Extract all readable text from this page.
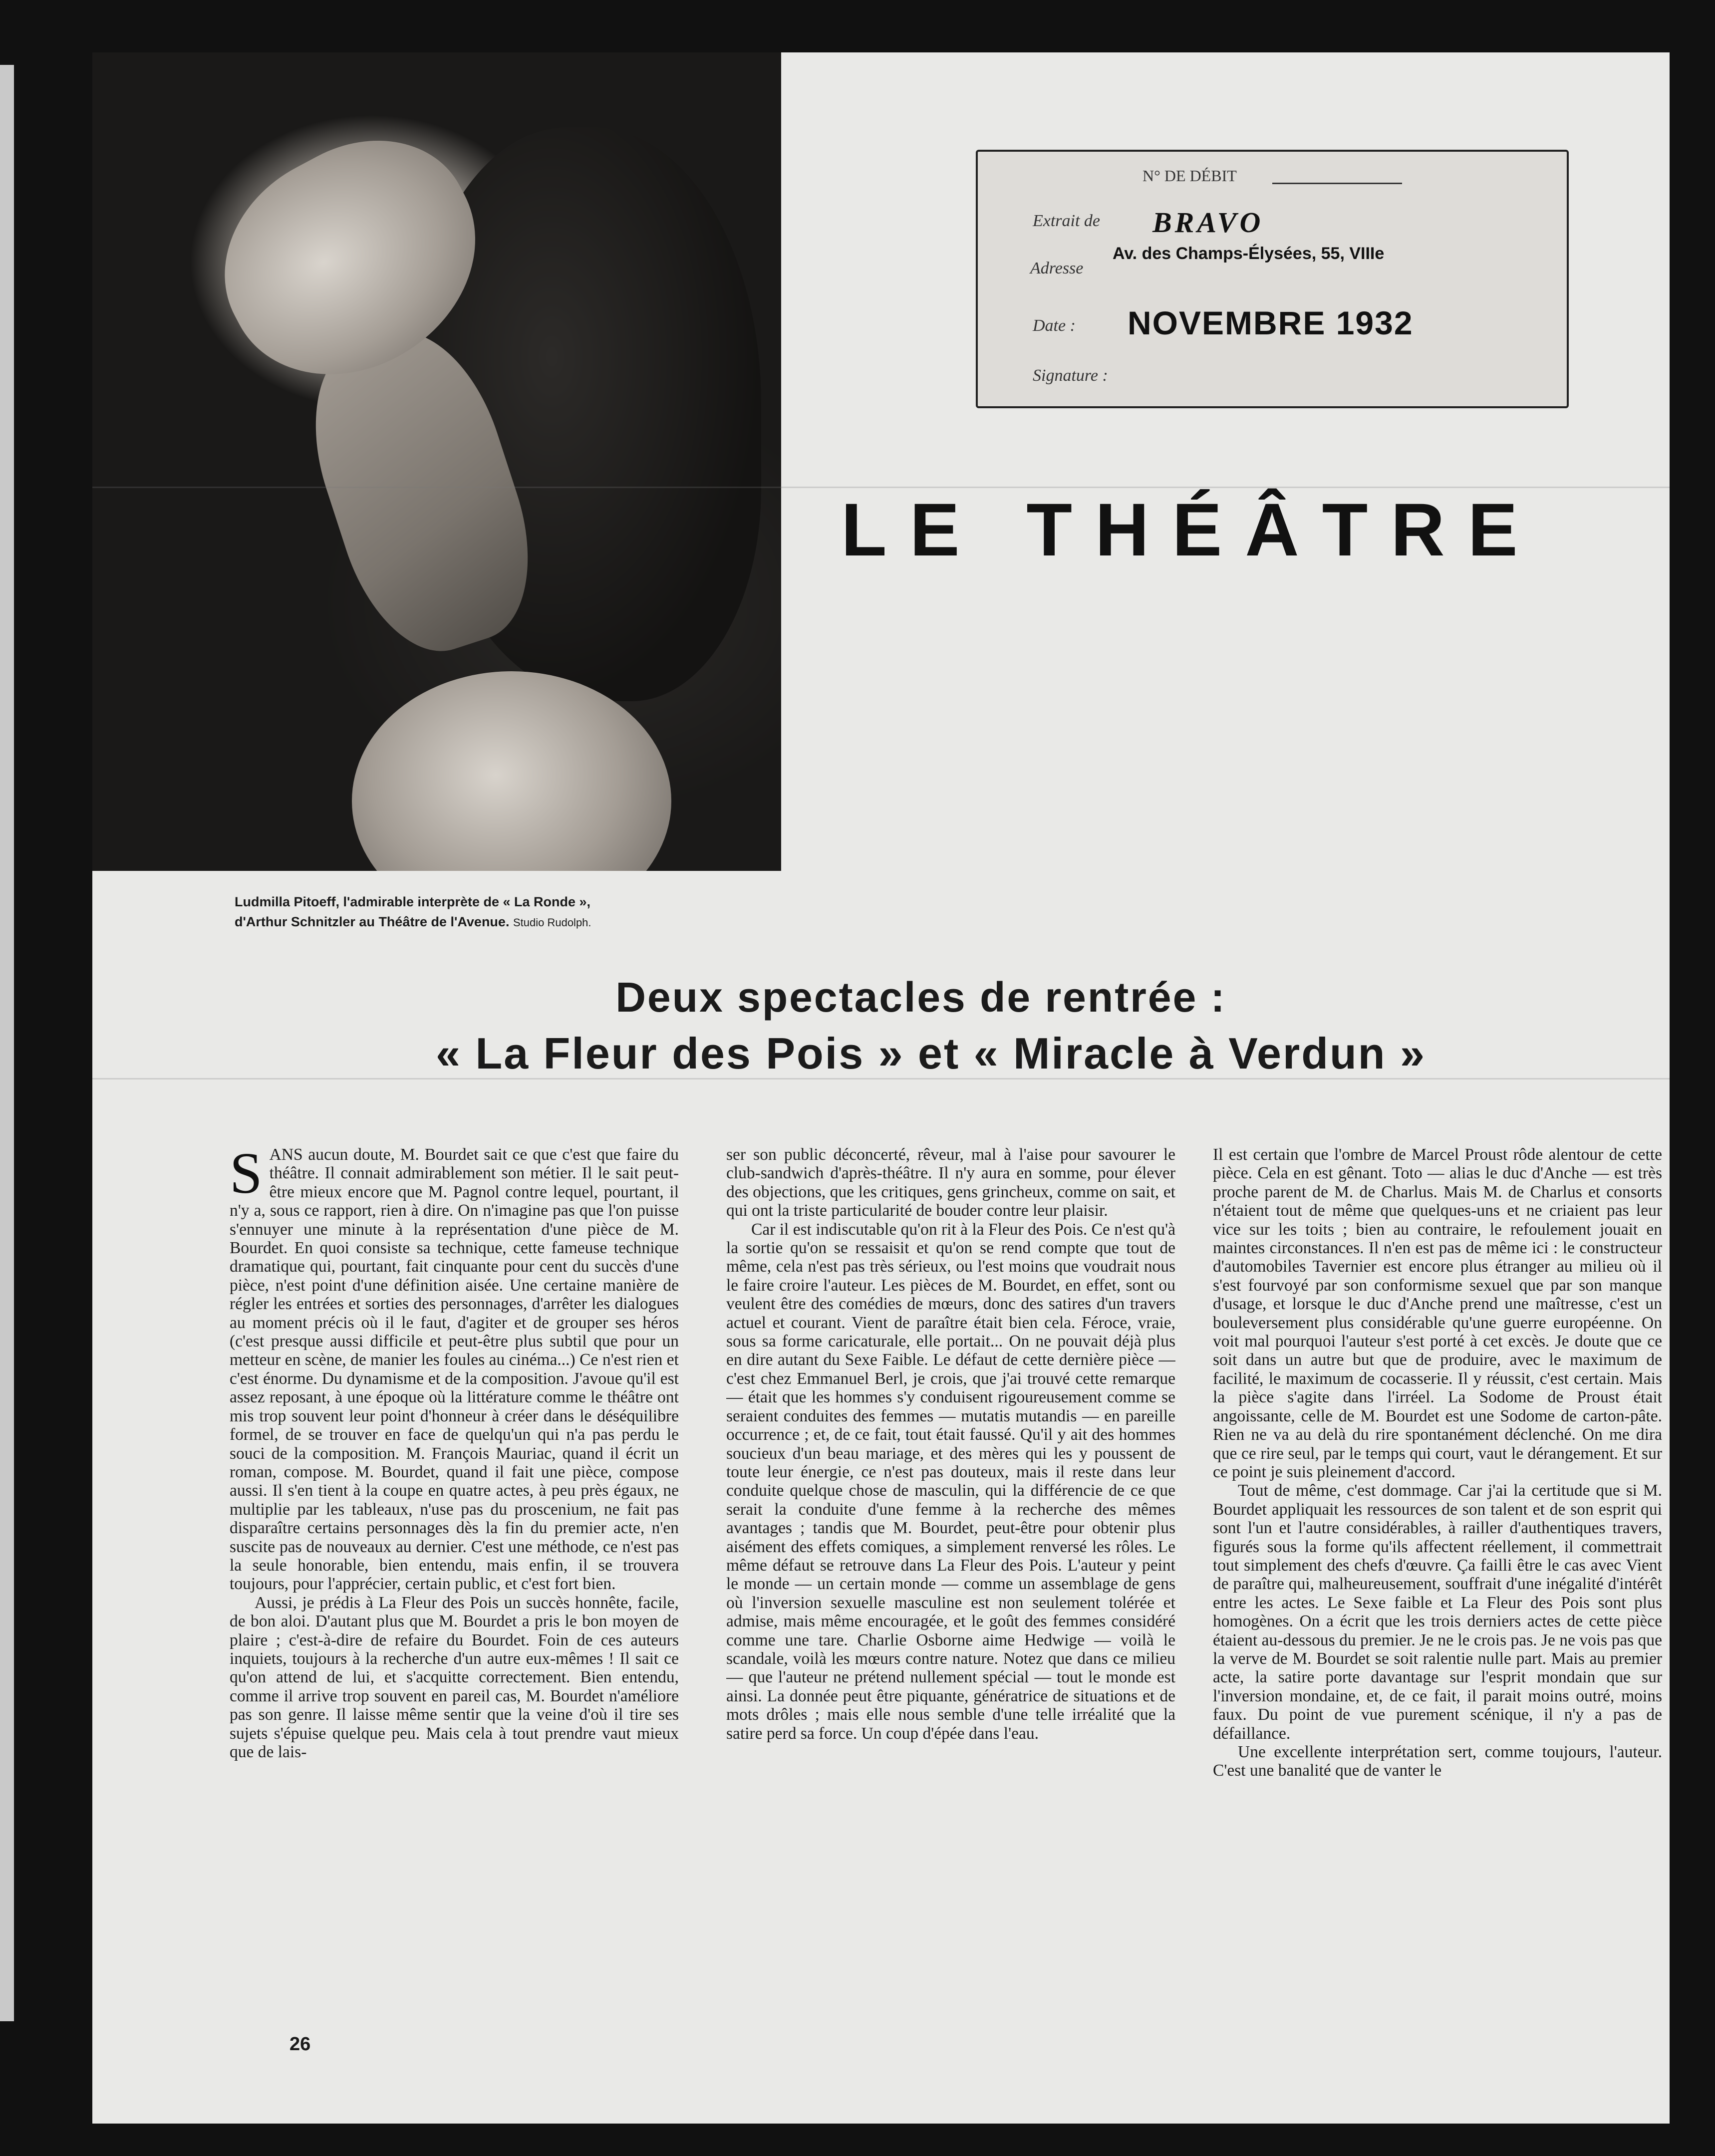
Ludmilla Pitoeff, l'admirable interprète de « La Ronde »,
d'Arthur Schnitzler au Théâtre de l'Avenue. Studio Rudolph.
N° DE DÉBIT
Extrait de BRAVO
Av. des Champs-Élysées, 55, VIIIe
Adresse
Date : NOVEMBRE 1932
Signature :
LE THÉÂTRE
Deux spectacles de rentrée :
« La Fleur des Pois » et « Miracle à Verdun »

SANS aucun doute, M. Bourdet sait ce que c'est que faire du théâtre. Il connait admirablement son métier. Il le sait peut-être mieux encore que M. Pagnol contre lequel, pourtant, il n'y a, sous ce rapport, rien à dire. On n'imagine pas que l'on puisse s'ennuyer une minute à la représentation d'une pièce de M. Bourdet. En quoi consiste sa technique, cette fameuse technique dramatique qui, pourtant, fait cinquante pour cent du succès d'une pièce, n'est point d'une définition aisée. Une certaine manière de régler les entrées et sorties des personnages, d'arrêter les dialogues au moment précis où il le faut, d'agiter et de grouper ses héros (c'est presque aussi difficile et peut-être plus subtil que pour un metteur en scène, de manier les foules au cinéma...) Ce n'est rien et c'est énorme. Du dynamisme et de la composition. J'avoue qu'il est assez reposant, à une époque où la littérature comme le théâtre ont mis trop souvent leur point d'honneur à créer dans le déséquilibre formel, de se trouver en face de quelqu'un qui n'a pas perdu le souci de la composition. M. François Mauriac, quand il écrit un roman, compose. M. Bourdet, quand il fait une pièce, compose aussi. Il s'en tient à la coupe en quatre actes, à peu près égaux, ne multiplie par les tableaux, n'use pas du proscenium, ne fait pas disparaître certains personnages dès la fin du premier acte, n'en suscite pas de nouveaux au dernier. C'est une méthode, ce n'est pas la seule honorable, bien entendu, mais enfin, il se trouvera toujours, pour l'apprécier, certain public, et c'est fort bien.

Aussi, je prédis à La Fleur des Pois un succès honnête, facile, de bon aloi. D'autant plus que M. Bourdet a pris le bon moyen de plaire ; c'est-à-dire de refaire du Bourdet. Foin de ces auteurs inquiets, toujours à la recherche d'un autre eux-mêmes ! Il sait ce qu'on attend de lui, et s'acquitte correctement. Bien entendu, comme il arrive trop souvent en pareil cas, M. Bourdet n'améliore pas son genre. Il laisse même sentir que la veine d'où il tire ses sujets s'épuise quelque peu. Mais cela à tout prendre vaut mieux que de lais-

ser son public déconcerté, rêveur, mal à l'aise pour savourer le club-sandwich d'après-théâtre. Il n'y aura en somme, pour élever des objections, que les critiques, gens grincheux, comme on sait, et qui ont la triste particularité de bouder contre leur plaisir.

Car il est indiscutable qu'on rit à la Fleur des Pois. Ce n'est qu'à la sortie qu'on se ressaisit et qu'on se rend compte que tout de même, cela n'est pas très sérieux, ou l'est moins que voudrait nous le faire croire l'auteur. Les pièces de M. Bourdet, en effet, sont ou veulent être des comédies de mœurs, donc des satires d'un travers actuel et courant. Vient de paraître était bien cela. Féroce, vraie, sous sa forme caricaturale, elle portait... On ne pouvait déjà plus en dire autant du Sexe Faible. Le défaut de cette dernière pièce — c'est chez Emmanuel Berl, je crois, que j'ai trouvé cette remarque — était que les hommes s'y conduisent rigoureusement comme se seraient conduites des femmes — mutatis mutandis — en pareille occurrence ; et, de ce fait, tout était faussé. Qu'il y ait des hommes soucieux d'un beau mariage, et des mères qui les y poussent de toute leur énergie, ce n'est pas douteux, mais il reste dans leur conduite quelque chose de masculin, qui la différencie de ce que serait la conduite d'une femme à la recherche des mêmes avantages ; tandis que M. Bourdet, peut-être pour obtenir plus aisément des effets comiques, a simplement renversé les rôles. Le même défaut se retrouve dans La Fleur des Pois. L'auteur y peint le monde — un certain monde — comme un assemblage de gens où l'inversion sexuelle masculine est non seulement tolérée et admise, mais même encouragée, et le goût des femmes considéré comme une tare. Charlie Osborne aime Hedwige — voilà le scandale, voilà les mœurs contre nature. Notez que dans ce milieu — que l'auteur ne prétend nullement spécial — tout le monde est ainsi. La donnée peut être piquante, génératrice de situations et de mots drôles ; mais elle nous semble d'une telle irréalité que la satire perd sa force. Un coup d'épée dans l'eau.

Il est certain que l'ombre de Marcel Proust rôde alentour de cette pièce. Cela en est gênant. Toto — alias le duc d'Anche — est très proche parent de M. de Charlus. Mais M. de Charlus et consorts n'étaient tout de même que quelques-uns et ne criaient pas leur vice sur les toits ; bien au contraire, le refoulement jouait en maintes circonstances. Il n'en est pas de même ici : le constructeur d'automobiles Tavernier est encore plus étranger au milieu où il s'est fourvoyé par son conformisme sexuel que par son manque d'usage, et lorsque le duc d'Anche prend une maîtresse, c'est un bouleversement plus considérable qu'une guerre européenne. On voit mal pourquoi l'auteur s'est porté à cet excès. Je doute que ce soit dans un autre but que de produire, avec le maximum de facilité, le maximum de cocasserie. Il y réussit, c'est certain. Mais la pièce s'agite dans l'irréel. La Sodome de Proust était angoissante, celle de M. Bourdet est une Sodome de carton-pâte. Rien ne va au delà du rire spontanément déclenché. On me dira que ce rire seul, par le temps qui court, vaut le dérangement. Et sur ce point je suis pleinement d'accord.

Tout de même, c'est dommage. Car j'ai la certitude que si M. Bourdet appliquait les ressources de son talent et de son esprit qui sont l'un et l'autre considérables, à railler d'authentiques travers, figurés sous la forme qu'ils affectent réellement, il commettrait tout simplement des chefs d'œuvre. Ça failli être le cas avec Vient de paraître qui, malheureusement, souffrait d'une inégalité d'intérêt entre les actes. Le Sexe faible et La Fleur des Pois sont plus homogènes. On a écrit que les trois derniers actes de cette pièce étaient au-dessous du premier. Je ne le crois pas. Je ne vois pas que la verve de M. Bourdet se soit ralentie nulle part. Mais au premier acte, la satire porte davantage sur l'esprit mondain que sur l'inversion mondaine, et, de ce fait, il parait moins outré, moins faux. Du point de vue purement scénique, il n'y a pas de défaillance.

Une excellente interprétation sert, comme toujours, l'auteur. C'est une banalité que de vanter le

26
